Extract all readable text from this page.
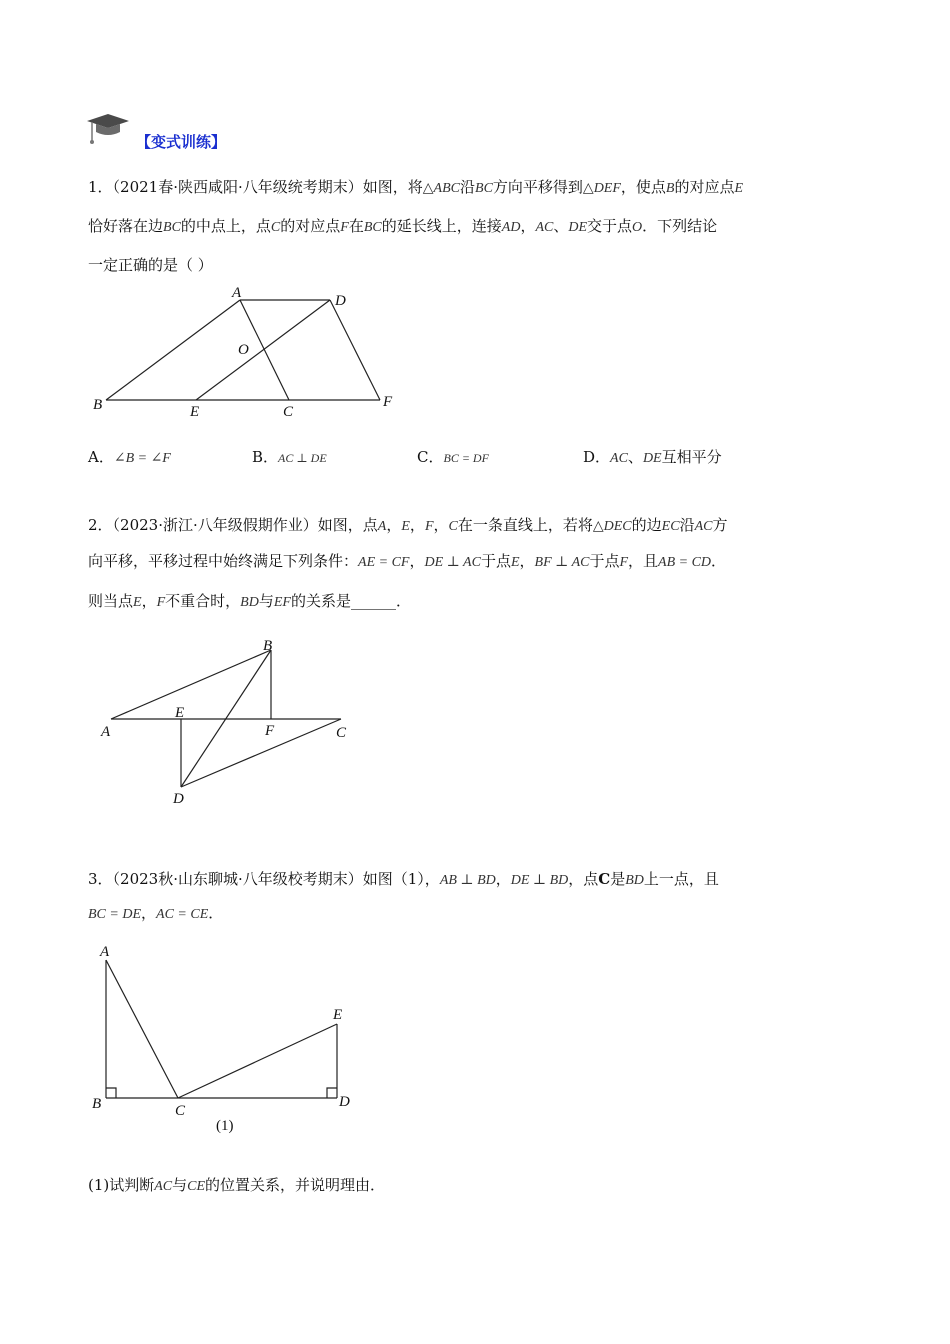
【变式训练】
1．（2021春·陕西咸阳·八年级统考期末）如图，将△ABC沿BC方向平移得到△DEF，使点B的对应点E
恰好落在边BC的中点上，点C的对应点F在BC的延长线上，连接AD，AC、DE交于点O．下列结论
一定正确的是（ ）
A	D
O
B	E	C
F
A．∠B = ∠F	B．AC ⊥ DE	C．BC = DF	D．AC、DE互相平分
2．（2023·浙江·八年级假期作业）如图，点A，E，F，C在一条直线上，若将△DEC的边EC沿AC方
向平移，平移过程中始终满足下列条件：AE = CF，DE ⊥ AC于点E，BF ⊥ AC于点F，且AB = CD．
则当点E，F不重合时，BD与EF的关系是______．
B
E
F
A	C
D
3．（2023秋·山东聊城·八年级校考期末）如图（1），AB ⊥ BD，DE ⊥ BD，点C是BD上一点，且
BC = DE，AC = CE．
A
E
B	C
D
(1)
(1)试判断AC与CE的位置关系，并说明理由．
